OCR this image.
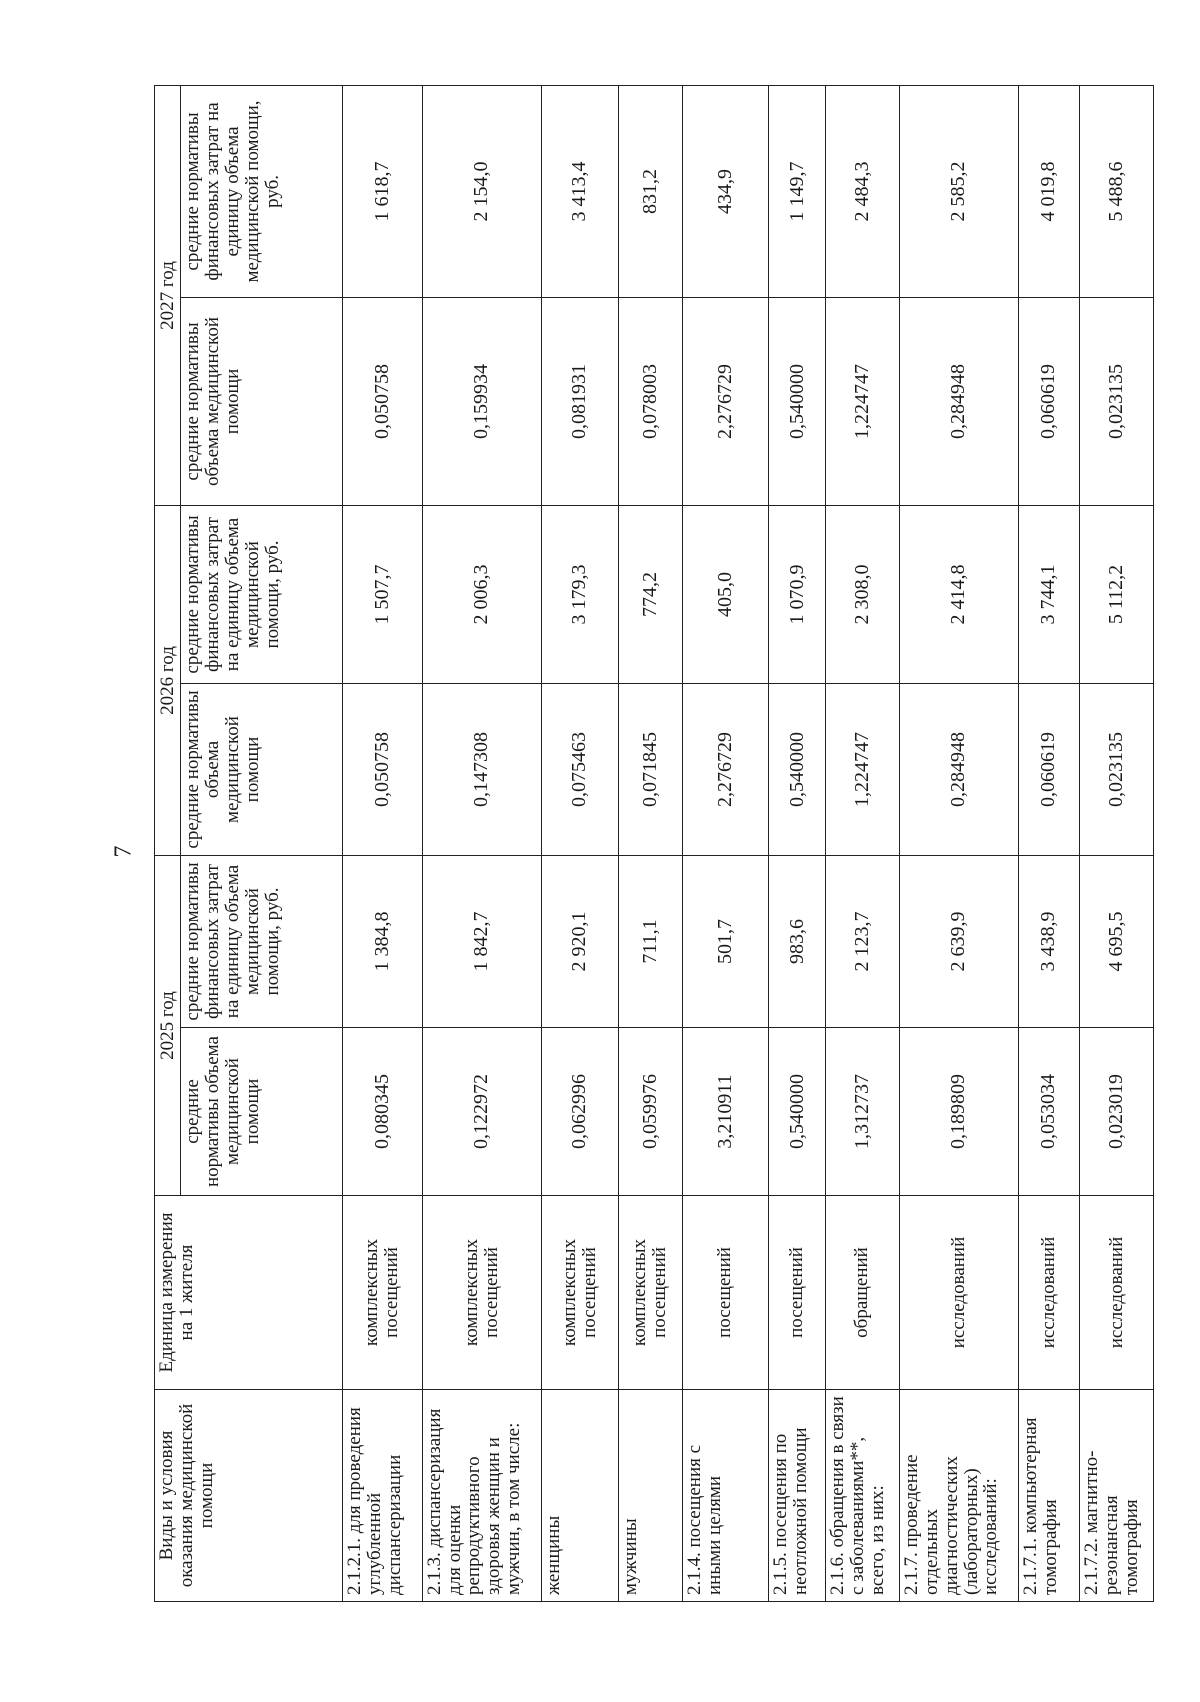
7
Виды и условия оказания медицинской помощи	Единица измерения на 1 жителя	2025 год		2026 год		2027 год	
		средние нормативы объема медицинской помощи	средние нормативы финансовых затрат на единицу объема медицинской помощи, руб.	средние нормативы объема медицинской помощи	средние нормативы финансовых затрат на единицу объема медицинской помощи, руб.	средние нормативы объема медицинской помощи	средние нормативы финансовых затрат на единицу объема медицинской помощи, руб.
2.1.2.1. для проведения углубленной диспансеризации	комплексных посещений	0,080345	1 384,8	0,050758	1 507,7	0,050758	1 618,7
2.1.3. диспансеризация для оценки репродуктивного здоровья женщин и мужчин, в том числе:	комплексных посещений	0,122972	1 842,7	0,147308	2 006,3	0,159934	2 154,0
женщины	комплексных посещений	0,062996	2 920,1	0,075463	3 179,3	0,081931	3 413,4
мужчины	комплексных посещений	0,059976	711,1	0,071845	774,2	0,078003	831,2
2.1.4. посещения с иными целями	посещений	3,210911	501,7	2,276729	405,0	2,276729	434,9
2.1.5. посещения по неотложной помощи	посещений	0,540000	983,6	0,540000	1 070,9	0,540000	1 149,7
2.1.6. обращения в связи с заболеваниями**, всего, из них:	обращений	1,312737	2 123,7	1,224747	2 308,0	1,224747	2 484,3
2.1.7. проведение отдельных диагностических (лабораторных) исследований:	исследований	0,189809	2 639,9	0,284948	2 414,8	0,284948	2 585,2
2.1.7.1. компьютерная томография	исследований	0,053034	3 438,9	0,060619	3 744,1	0,060619	4 019,8
2.1.7.2. магнитно-резонансная томография	исследований	0,023019	4 695,5	0,023135	5 112,2	0,023135	5 488,6
